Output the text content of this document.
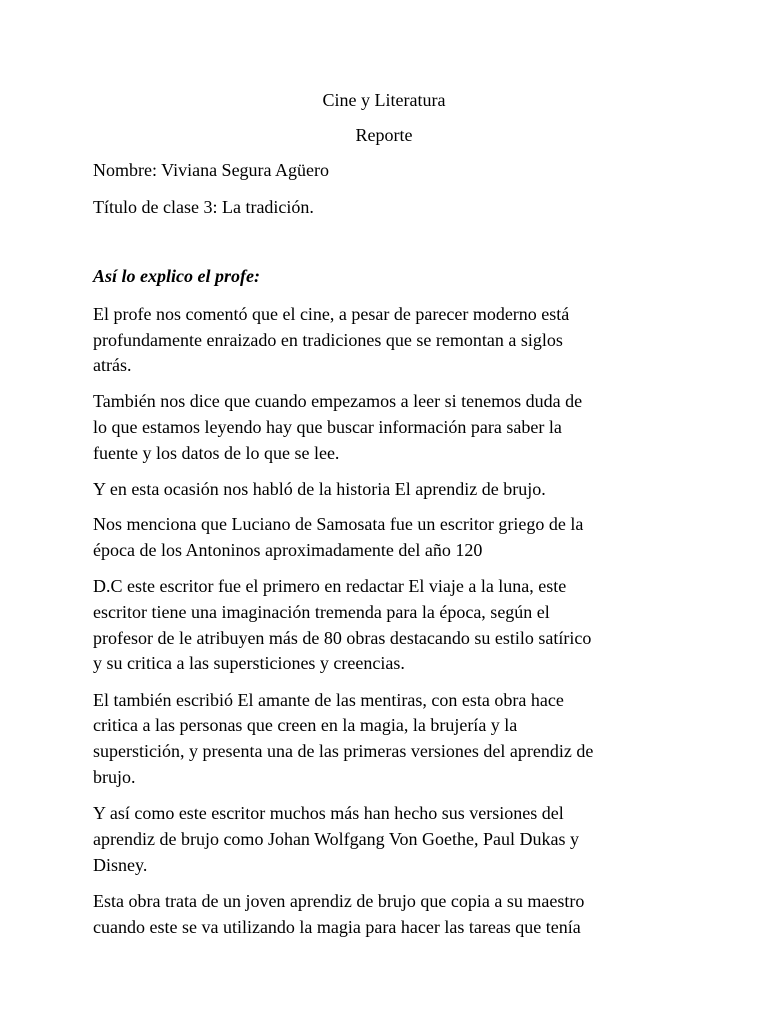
Cine y Literatura
Reporte
Nombre: Viviana Segura Agüero
Título de clase 3: La tradición.
Así lo explico el profe:
El profe nos comentó que el cine, a pesar de parecer moderno está
profundamente enraizado en tradiciones que se remontan a siglos
atrás.
También nos dice que cuando empezamos a leer si tenemos duda de
lo que estamos leyendo hay que buscar información para saber la
fuente y los datos de lo que se lee.
Y en esta ocasión nos habló de la historia El aprendiz de brujo.
Nos menciona que Luciano de Samosata fue un escritor griego de la
época de los Antoninos aproximadamente del año 120
D.C este escritor fue el primero en redactar El viaje a la luna, este
escritor tiene una imaginación tremenda para la época, según el
profesor de le atribuyen más de 80 obras destacando su estilo satírico
y su critica a las supersticiones y creencias.
El también escribió El amante de las mentiras, con esta obra hace
critica a las personas que creen en la magia, la brujería y la
superstición, y presenta una de las primeras versiones del aprendiz de
brujo.
Y así como este escritor muchos más han hecho sus versiones del
aprendiz de brujo como Johan Wolfgang Von Goethe, Paul Dukas y
Disney.
Esta obra trata de un joven aprendiz de brujo que copia a su maestro
cuando este se va utilizando la magia para hacer las tareas que tenía
